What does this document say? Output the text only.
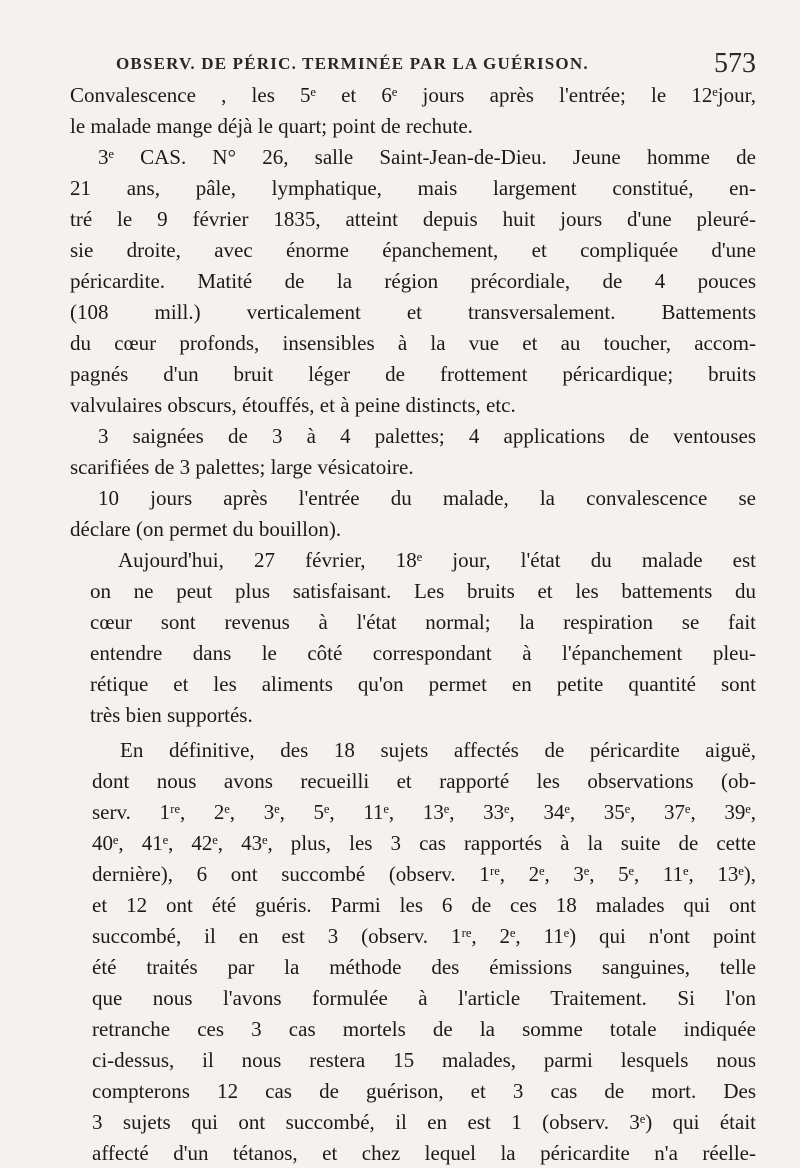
OBSERV. DE PÉRIC. TERMINÉE PAR LA GUÉRISON.	573
Convalescence , les 5ᵉ et 6ᵉ jours après l'entrée; le 12ᵉjour,
le malade mange déjà le quart; point de rechute.
3ᵉ CAS. N° 26, salle Saint-Jean-de-Dieu. Jeune homme de
21 ans, pâle, lymphatique, mais largement constitué, en-
tré le 9 février 1835, atteint depuis huit jours d'une pleuré-
sie droite, avec énorme épanchement, et compliquée d'une
péricardite. Matité de la région précordiale, de 4 pouces
(108 mill.) verticalement et transversalement. Battements
du cœur profonds, insensibles à la vue et au toucher, accom-
pagnés d'un bruit léger de frottement péricardique; bruits
valvulaires obscurs, étouffés, et à peine distincts, etc.
3 saignées de 3 à 4 palettes; 4 applications de ventouses
scarifiées de 3 palettes; large vésicatoire.
10 jours après l'entrée du malade, la convalescence se
déclare (on permet du bouillon).
Aujourd'hui, 27 février, 18ᵉ jour, l'état du malade est
on ne peut plus satisfaisant. Les bruits et les battements du
cœur sont revenus à l'état normal; la respiration se fait
entendre dans le côté correspondant à l'épanchement pleu-
rétique et les aliments qu'on permet en petite quantité sont
très bien supportés.
En définitive, des 18 sujets affectés de péricardite aiguë,
dont nous avons recueilli et rapporté les observations (ob-
serv. 1ʳᵉ, 2ᵉ, 3ᵉ, 5ᵉ, 11ᵉ, 13ᵉ, 33ᵉ, 34ᵉ, 35ᵉ, 37ᵉ, 39ᵉ,
40ᵉ, 41ᵉ, 42ᵉ, 43ᵉ, plus, les 3 cas rapportés à la suite de cette
dernière), 6 ont succombé (observ. 1ʳᵉ, 2ᵉ, 3ᵉ, 5ᵉ, 11ᵉ, 13ᵉ),
et 12 ont été guéris. Parmi les 6 de ces 18 malades qui ont
succombé, il en est 3 (observ. 1ʳᵉ, 2ᵉ, 11ᵉ) qui n'ont point
été traités par la méthode des émissions sanguines, telle
que nous l'avons formulée à l'article Traitement. Si l'on
retranche ces 3 cas mortels de la somme totale indiquée
ci-dessus, il nous restera 15 malades, parmi lesquels nous
compterons 12 cas de guérison, et 3 cas de mort. Des
3 sujets qui ont succombé, il en est 1 (observ. 3ᵉ) qui était
affecté d'un tétanos, et chez lequel la péricardite n'a réelle-
